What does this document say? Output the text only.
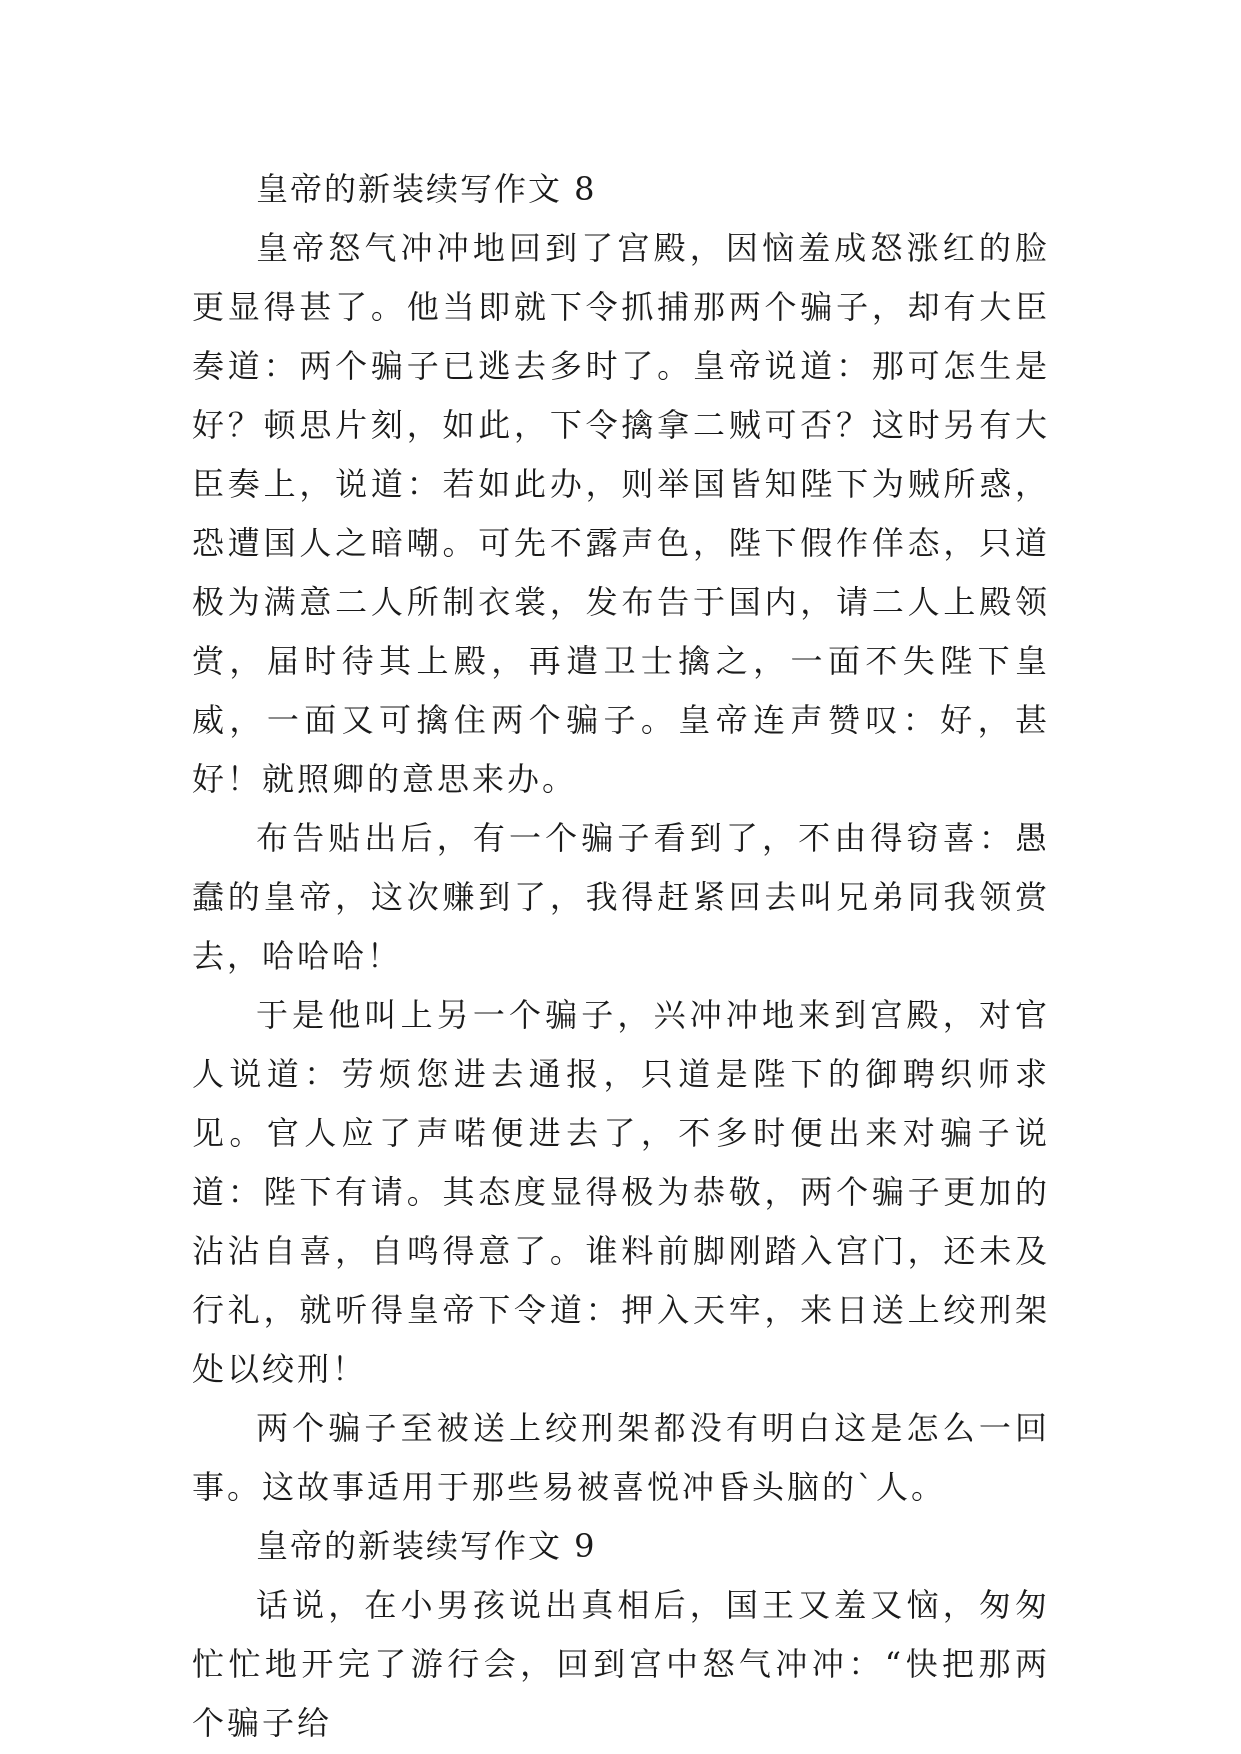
皇帝的新装续写作文 8

皇帝怒气冲冲地回到了宫殿，因恼羞成怒涨红的脸更显得甚了。他当即就下令抓捕那两个骗子，却有大臣奏道：两个骗子已逃去多时了。皇帝说道：那可怎生是好？顿思片刻，如此，下令擒拿二贼可否？这时另有大臣奏上，说道：若如此办，则举国皆知陛下为贼所惑，恐遭国人之暗嘲。可先不露声色，陛下假作佯态，只道极为满意二人所制衣裳，发布告于国内，请二人上殿领赏，届时待其上殿，再遣卫士擒之，一面不失陛下皇威，一面又可擒住两个骗子。皇帝连声赞叹：好，甚好！就照卿的意思来办。

布告贴出后，有一个骗子看到了，不由得窃喜：愚蠢的皇帝，这次赚到了，我得赶紧回去叫兄弟同我领赏去，哈哈哈！

于是他叫上另一个骗子，兴冲冲地来到宫殿，对官人说道：劳烦您进去通报，只道是陛下的御聘织师求见。官人应了声喏便进去了，不多时便出来对骗子说道：陛下有请。其态度显得极为恭敬，两个骗子更加的沾沾自喜，自鸣得意了。谁料前脚刚踏入宫门，还未及行礼，就听得皇帝下令道：押入天牢，来日送上绞刑架处以绞刑！

两个骗子至被送上绞刑架都没有明白这是怎么一回事。这故事适用于那些易被喜悦冲昏头脑的`人。

皇帝的新装续写作文 9

话说，在小男孩说出真相后，国王又羞又恼，匆匆忙忙地开完了游行会，回到宫中怒气冲冲：“快把那两个骗子给
